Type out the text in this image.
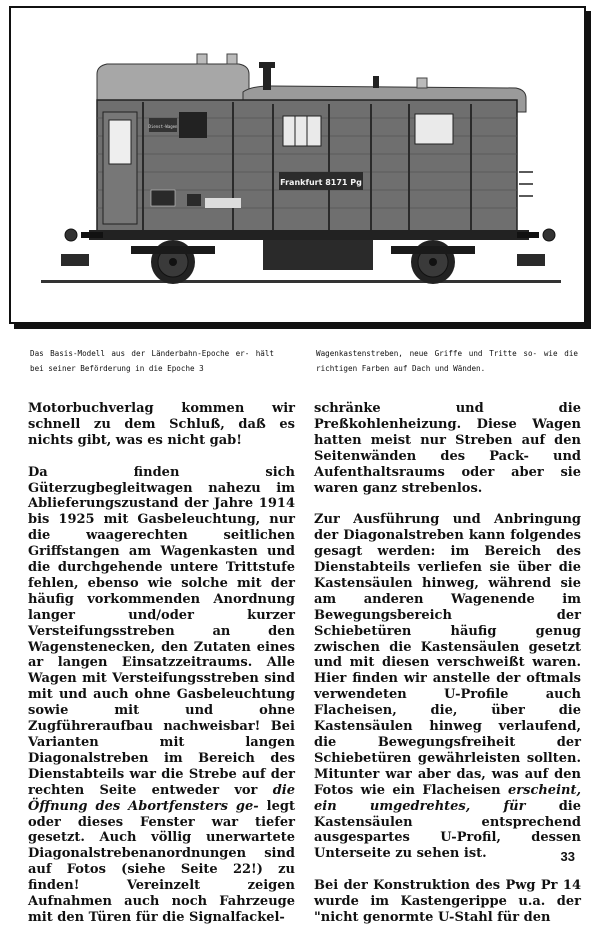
Dienst-Wagen
Frankfurt 8171 Pg
Das Basis-Modell aus der Länderbahn-Epoche er- hält bei seiner Beförderung in die Epoche 3
Wagenkastenstreben, neue Griffe und Tritte so- wie die richtigen Farben auf Dach und Wänden.

Motorbuchverlag kommen wir schnell zu dem Schluß, daß es nichts gibt, was es nicht gab!

Da finden sich Güterzugbegleitwagen nahezu im Ablieferungszustand der Jahre 1914 bis 1925 mit Gasbeleuchtung, nur die waagerechten seitlichen Griffstangen am Wagenkasten und die durchgehende untere Trittstufe fehlen, ebenso wie solche mit der häufig vorkommenden Anordnung langer und/oder kurzer Versteifungsstreben an den Wagenstenecken, den Zutaten eines ar langen Einsatzzeitraums. Alle Wagen mit Versteifungsstreben sind mit und auch ohne Gasbeleuchtung sowie mit und ohne Zugführeraufbau nachweisbar! Bei Varianten mit langen Diagonalstreben im Bereich des Dienstabteils war die Strebe auf der rechten Seite entweder vor die Öffnung des Abortfensters ge- legt oder dieses Fenster war tiefer gesetzt. Auch völlig unerwartete Diagonalstrebenanordnungen sind auf Fotos (siehe Seite 22!) zu finden! Vereinzelt zeigen Aufnahmen auch noch Fahrzeuge mit den Türen für die Signalfackel-

schränke und die Preßkohlenheizung. Diese Wagen hatten meist nur Streben auf den Seitenwänden des Pack- und Aufenthaltsraums oder aber sie waren ganz strebenlos.

Zur Ausführung und Anbringung der Diagonalstreben kann folgendes gesagt werden: im Bereich des Dienstabteils verliefen sie über die Kastensäulen hinweg, während sie am anderen Wagenende im Bewegungsbereich der Schiebetüren häufig genug zwischen die Kastensäulen gesetzt und mit diesen verschweißt waren. Hier finden wir anstelle der oftmals verwendeten U-Profile auch Flacheisen, die, über die Kastensäulen hinweg verlaufend, die Bewegungsfreiheit der Schiebetüren gewährleisten sollten. Mitunter war aber das, was auf den Fotos wie ein Flacheisen erscheint, ein umgedrehtes, für	die Kastensäulen entsprechend ausgespartes U-Profil, dessen Unterseite zu sehen ist.

Bei der Konstruktion des Pwg Pr 14 wurde im Kastengerippe u.a. der "nicht genormte U-Stahl für den

33
